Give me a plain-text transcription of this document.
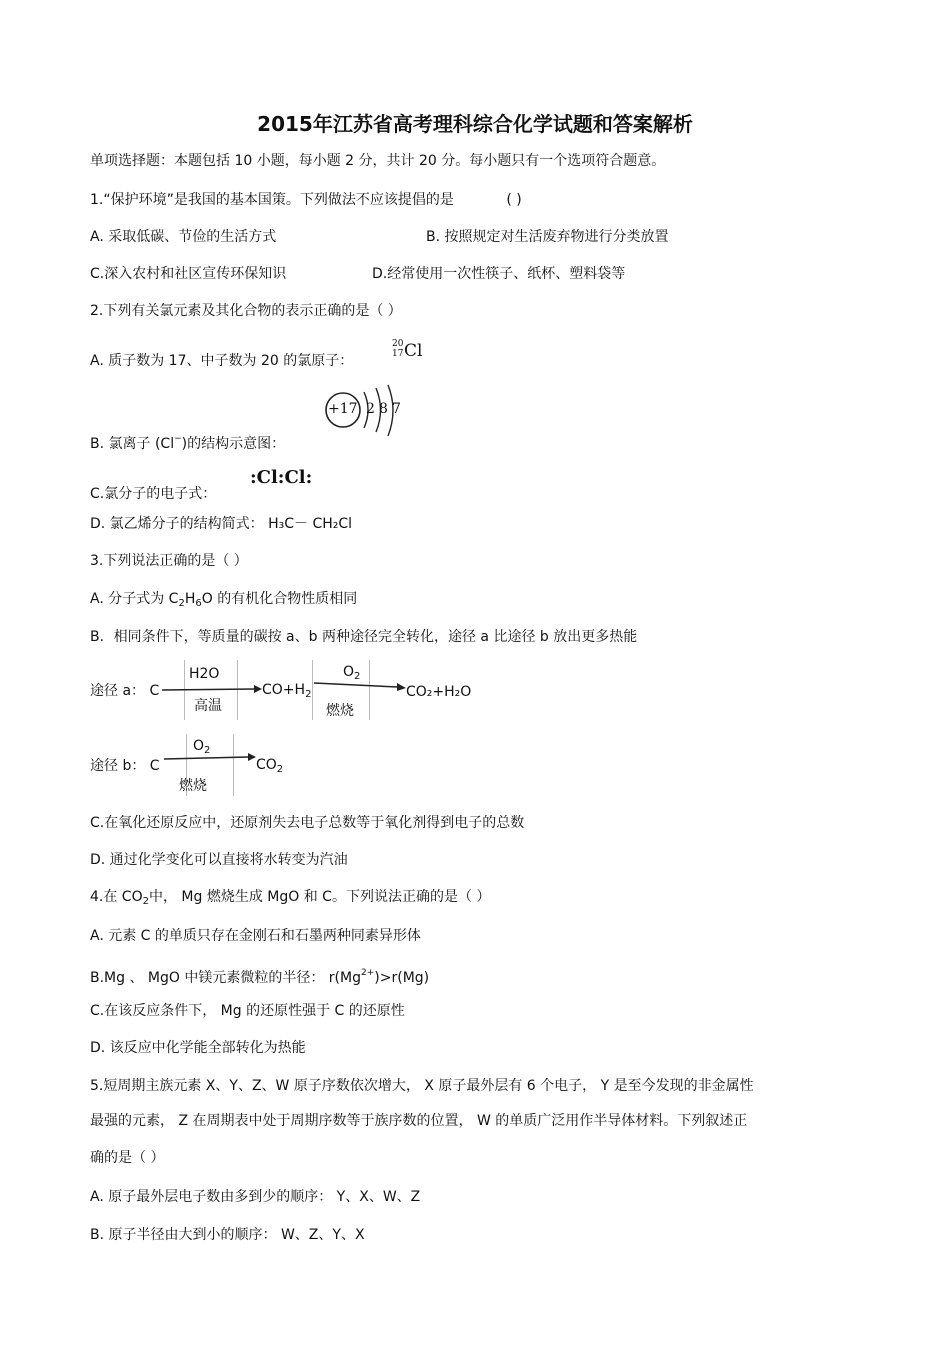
2015年江苏省高考理科综合化学试题和答案解析
单项选择题：本题包括 10 小题，每小题 2 分，共计 20 分。每小题只有一个选项符合题意。
1.“保护环境”是我国的基本国策。下列做法不应该提倡的是	( )
A. 采取低碳、节俭的生活方式	B. 按照规定对生活废弃物进行分类放置
C.深入农村和社区宣传环保知识	D.经常使用一次性筷子、纸杯、塑料袋等
2.下列有关氯元素及其化合物的表示正确的是（ ）
A. 质子数为 17、中子数为 20 的氯原子：
20
17 Cl
+17 2 8 7
B. 氯离子 (Cl−)的结构示意图：
C.氯分子的电子式：
:Cl:Cl:
D. 氯乙烯分子的结构简式： H₃C－ CH₂Cl
3.下列说法正确的是（ ）
A. 分子式为 $C_2H_6O$ 的有机化合物性质相同
B．相同条件下，等质量的碳按 a、b 两种途径完全转化，途径 a 比途径 b 放出更多热能
途径 a： C
H2O
高温
$CO+H_2$
$O_2$
燃烧
CO₂+H₂O
途径 b： C
$O_2$
燃烧
$CO_2$
C.在氧化还原反应中，还原剂失去电子总数等于氧化剂得到电子的总数
D. 通过化学变化可以直接将水转变为汽油
4.在 $CO_2$中， Mg 燃烧生成 MgO 和 C。下列说法正确的是（ ）
A. 元素 C 的单质只存在金刚石和石墨两种同素异形体
B.Mg 、 MgO 中镁元素微粒的半径： $r(Mg^{2+})>r(Mg)$
C.在该反应条件下， Mg 的还原性强于 C 的还原性
D. 该反应中化学能全部转化为热能
5.短周期主族元素 X、Y、Z、W 原子序数依次增大， X 原子最外层有 6 个电子， Y 是至今发现的非金属性
最强的元素， Z 在周期表中处于周期序数等于族序数的位置， W 的单质广泛用作半导体材料。下列叙述正
确的是（ ）
A. 原子最外层电子数由多到少的顺序： Y、X、W、Z
B. 原子半径由大到小的顺序： W、Z、Y、X
